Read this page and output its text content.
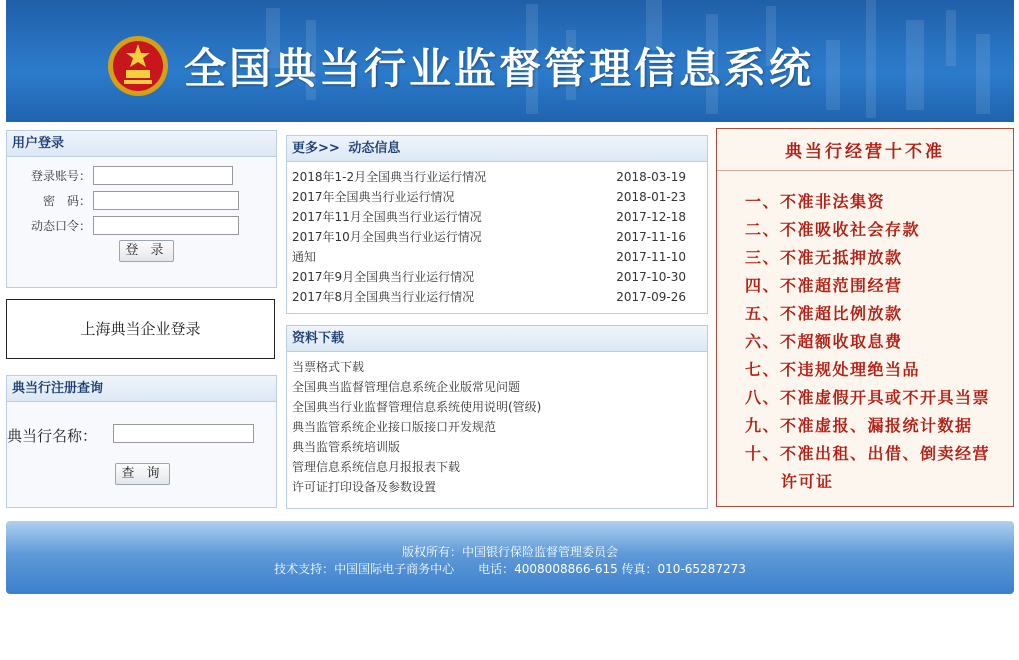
全国典当行业监督管理信息系统
用户登录
登录账号：
密　码：
动态口令：
登 录
上海典当企业登录
典当行注册查询
典当行名称：
查 询
更多>> 动态信息
2018年1-2月全国典当行业运行情况	2018-03-19
2017年全国典当行业运行情况	2018-01-23
2017年11月全国典当行业运行情况	2017-12-18
2017年10月全国典当行业运行情况	2017-11-16
通知	2017-11-10
2017年9月全国典当行业运行情况	2017-10-30
2017年8月全国典当行业运行情况	2017-09-26
资料下载
当票格式下载
全国典当监督管理信息系统企业版常见问题
全国典当行业监督管理信息系统使用说明(管级)
典当监管系统企业接口版接口开发规范
典当监管系统培训版
管理信息系统信息月报报表下载
许可证打印设备及参数设置
典当行经营十不准
一、不准非法集资
二、不准吸收社会存款
三、不准无抵押放款
四、不准超范围经营
五、不准超比例放款
六、不超额收取息费
七、不违规处理绝当品
八、不准虚假开具或不开具当票
九、不准虚报、漏报统计数据
十、不准出租、出借、倒卖经营
许可证
版权所有：中国银行保险监督管理委员会
技术支持：中国国际电子商务中心　　电话：4008008866-615 传真：010-65287273
